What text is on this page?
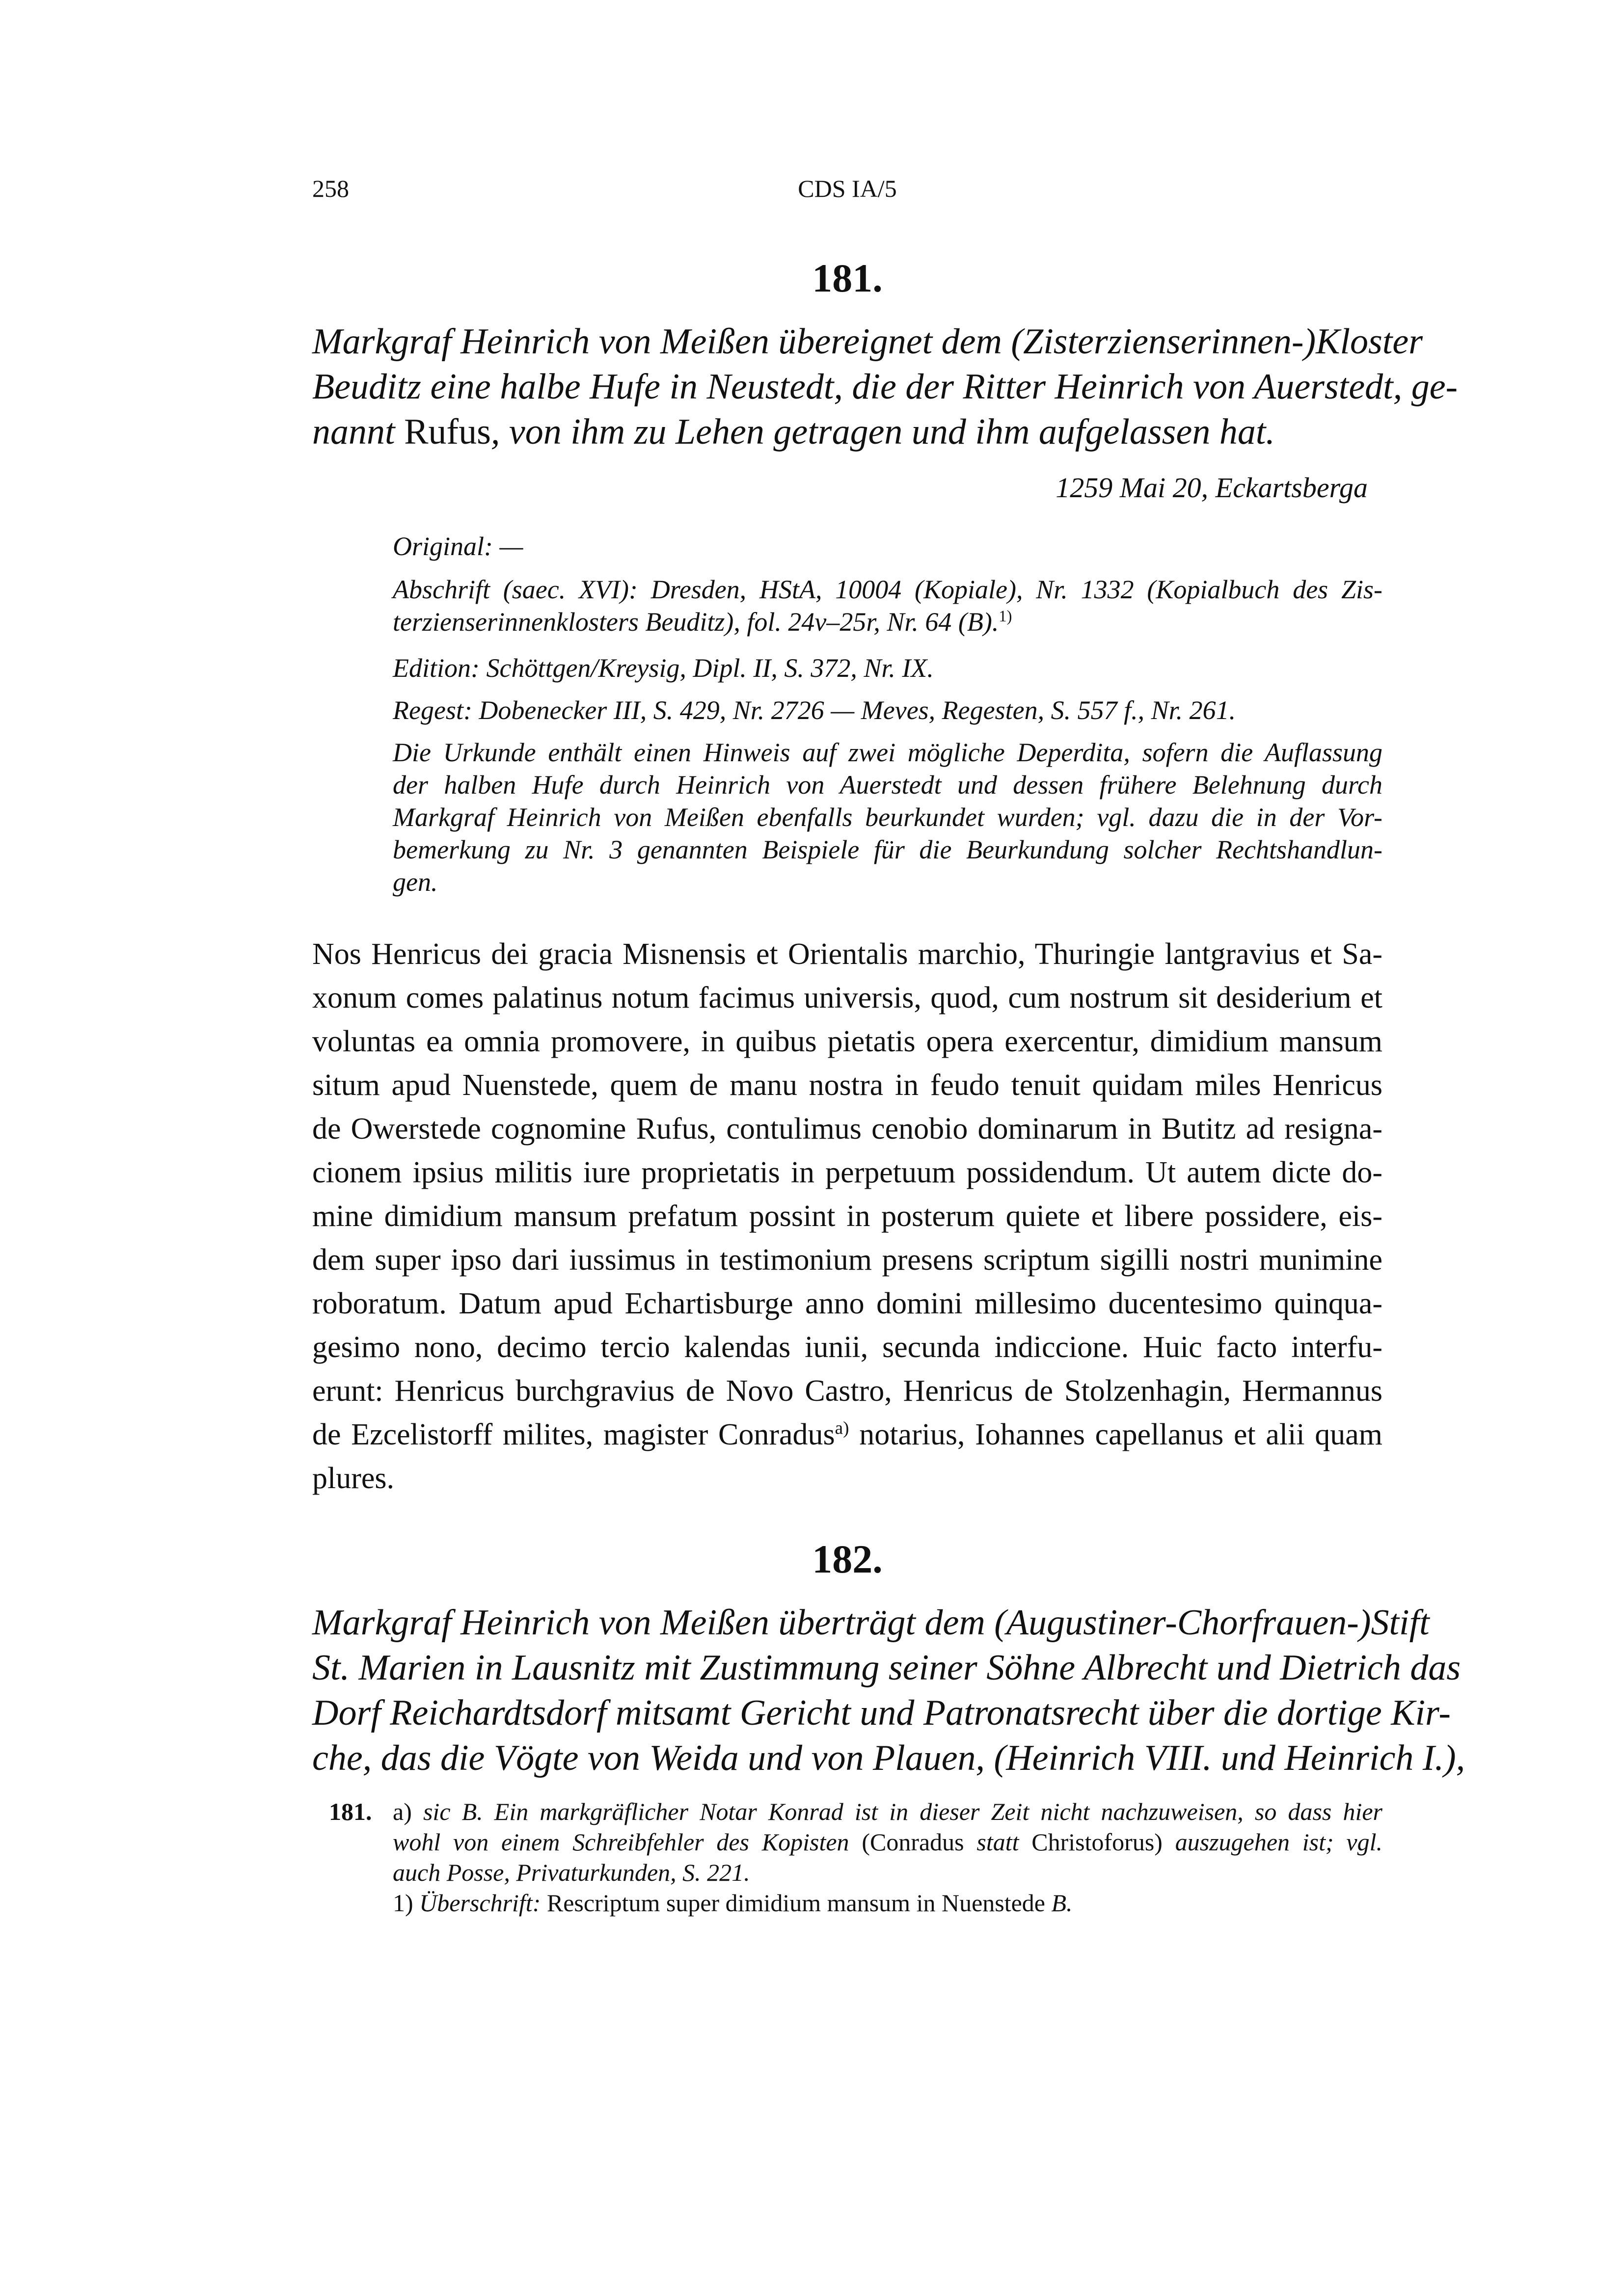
258	CDS IA/5
181.
Markgraf Heinrich von Meißen übereignet dem (Zisterzienserinnen-)Kloster
Beuditz eine halbe Hufe in Neustedt, die der Ritter Heinrich von Auerstedt, ge-
nannt Rufus, von ihm zu Lehen getragen und ihm aufgelassen hat.
1259 Mai 20, Eckartsberga
Original: —
Abschrift (saec. XVI): Dresden, HStA, 10004 (Kopiale), Nr. 1332 (Kopialbuch des Zis-
terzienserinnenklosters Beuditz), fol. 24v–25r, Nr. 64 (B).$^{1)}$
Edition: Schöttgen/Kreysig, Dipl. II, S. 372, Nr. IX.
Regest: Dobenecker III, S. 429, Nr. 2726 — Meves, Regesten, S. 557 f., Nr. 261.
Die Urkunde enthält einen Hinweis auf zwei mögliche Deperdita, sofern die Auflassung
der halben Hufe durch Heinrich von Auerstedt und dessen frühere Belehnung durch
Markgraf Heinrich von Meißen ebenfalls beurkundet wurden; vgl. dazu die in der Vor-
bemerkung zu Nr. 3 genannten Beispiele für die Beurkundung solcher Rechtshandlun-
gen.
Nos Henricus dei gracia Misnensis et Orientalis marchio, Thuringie lantgravius et Sa-
xonum comes palatinus notum facimus universis, quod, cum nostrum sit desiderium et
voluntas ea omnia promovere, in quibus pietatis opera exercentur, dimidium mansum
situm apud Nuenstede, quem de manu nostra in feudo tenuit quidam miles Henricus
de Owerstede cognomine Rufus, contulimus cenobio dominarum in Butitz ad resigna-
cionem ipsius militis iure proprietatis in perpetuum possidendum. Ut autem dicte do-
mine dimidium mansum prefatum possint in posterum quiete et libere possidere, eis-
dem super ipso dari iussimus in testimonium presens scriptum sigilli nostri munimine
roboratum. Datum apud Echartisburge anno domini millesimo ducentesimo quinqua-
gesimo nono, decimo tercio kalendas iunii, secunda indiccione. Huic facto interfu-
erunt: Henricus burchgravius de Novo Castro, Henricus de Stolzenhagin, Hermannus
de Ezcelistorff milites, magister Conradus$^{a)}$ notarius, Iohannes capellanus et alii quam
plures.
182.
Markgraf Heinrich von Meißen überträgt dem (Augustiner-Chorfrauen-)Stift
St. Marien in Lausnitz mit Zustimmung seiner Söhne Albrecht und Dietrich das
Dorf Reichardtsdorf mitsamt Gericht und Patronatsrecht über die dortige Kir-
che, das die Vögte von Weida und von Plauen, (Heinrich VIII. und Heinrich I.),
181. a) sic B. Ein markgräflicher Notar Konrad ist in dieser Zeit nicht nachzuweisen, so dass hier
wohl von einem Schreibfehler des Kopisten (Conradus statt Christoforus) auszugehen ist; vgl.
auch Posse, Privaturkunden, S. 221.
1) Überschrift: Rescriptum super dimidium mansum in Nuenstede B.
